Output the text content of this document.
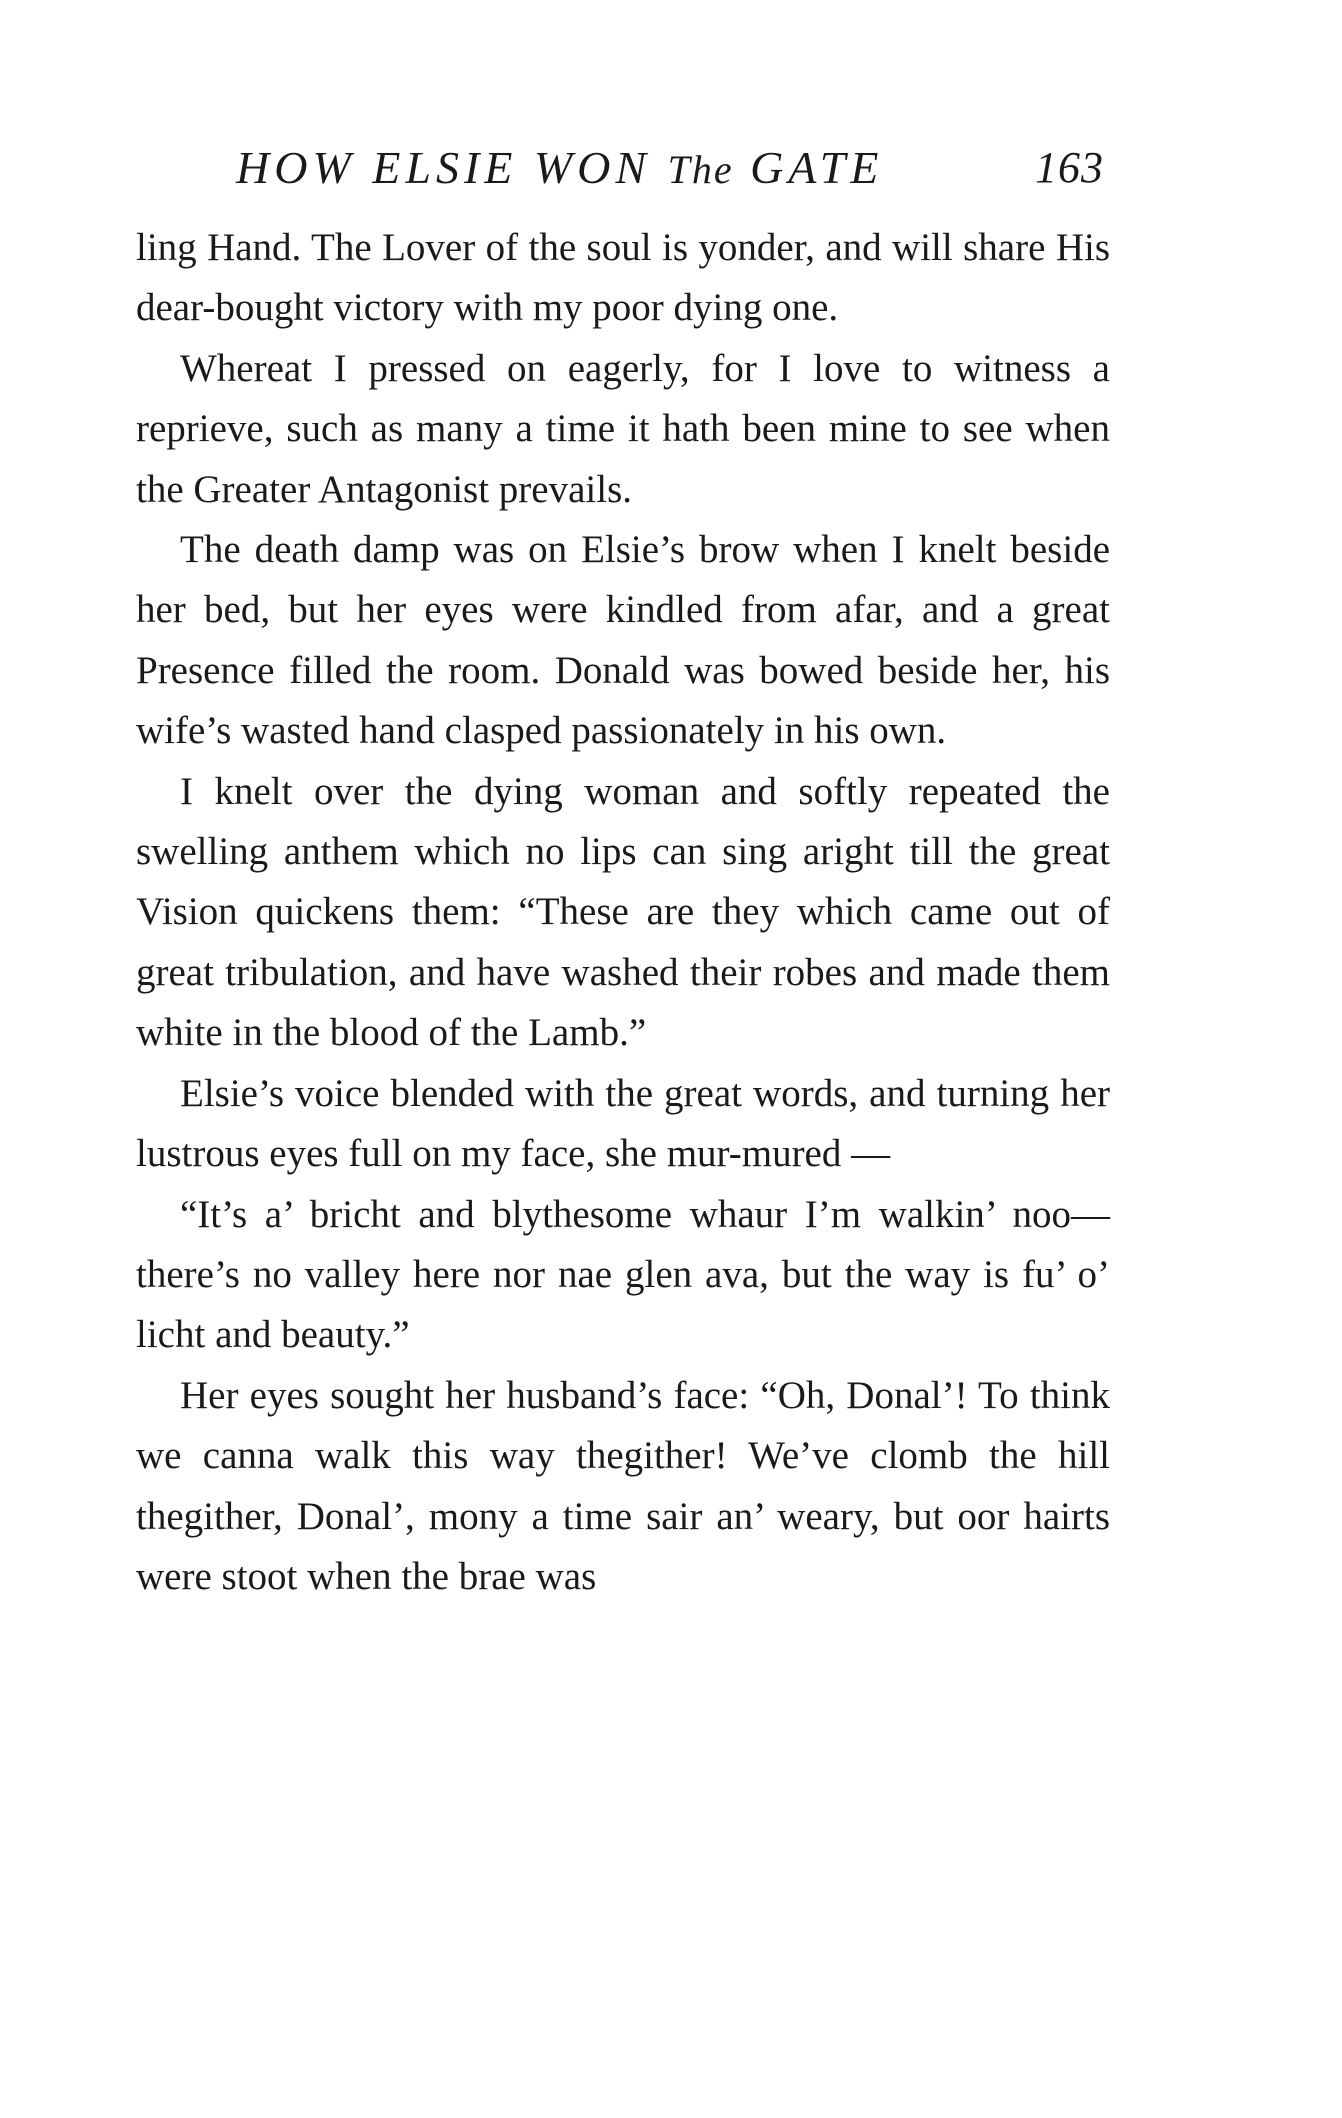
HOW ELSIE WON The GATE	163

ling Hand. The Lover of the soul is yonder, and will share His dear-bought victory with my poor dying one.

Whereat I pressed on eagerly, for I love to witness a reprieve, such as many a time it hath been mine to see when the Greater Antagonist prevails.

The death damp was on Elsie’s brow when I knelt beside her bed, but her eyes were kindled from afar, and a great Presence filled the room. Donald was bowed beside her, his wife’s wasted hand clasped passionately in his own.

I knelt over the dying woman and softly repeated the swelling anthem which no lips can sing aright till the great Vision quickens them: “These are they which came out of great tribulation, and have washed their robes and made them white in the blood of the Lamb.”

Elsie’s voice blended with the great words, and turning her lustrous eyes full on my face, she mur-mured —

“It’s a’ bricht and blythesome whaur I’m walkin’ noo—there’s no valley here nor nae glen ava, but the way is fu’ o’ licht and beauty.”

Her eyes sought her husband’s face: “Oh, Donal’! To think we canna walk this way thegither! We’ve clomb the hill thegither, Donal’, mony a time sair an’ weary, but oor hairts were stoot when the brae was
